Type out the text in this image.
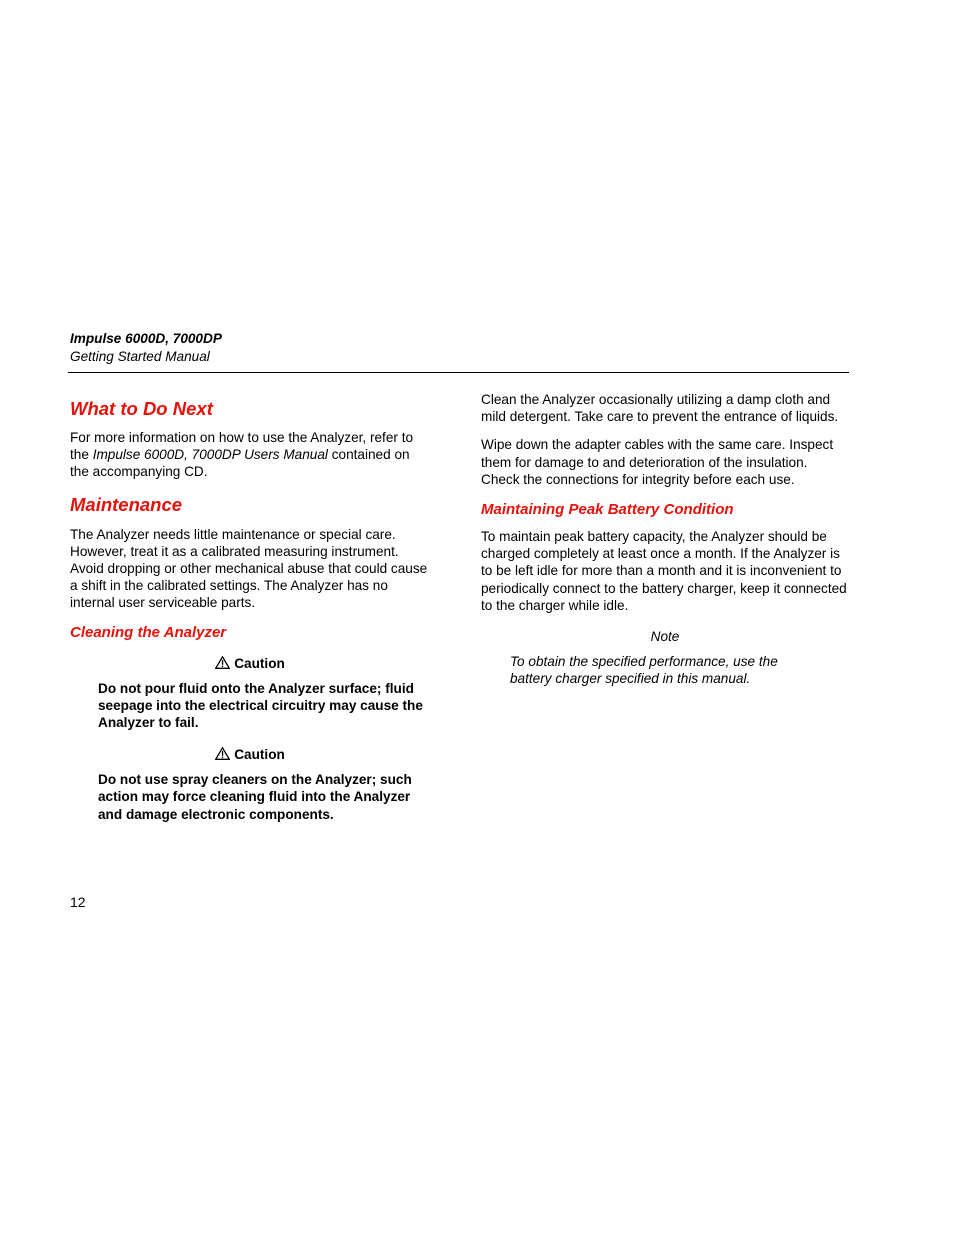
Impulse 6000D, 7000DP
Getting Started Manual
What to Do Next

For more information on how to use the Analyzer, refer to the Impulse 6000D, 7000DP Users Manual contained on the accompanying CD.

Maintenance

The Analyzer needs little maintenance or special care. However, treat it as a calibrated measuring instrument. Avoid dropping or other mechanical abuse that could cause a shift in the calibrated settings. The Analyzer has no internal user serviceable parts.

Cleaning the Analyzer
Caution

Do not pour fluid onto the Analyzer surface; fluid seepage into the electrical circuitry may cause the Analyzer to fail.

Caution

Do not use spray cleaners on the Analyzer; such action may force cleaning fluid into the Analyzer and damage electronic components.

Clean the Analyzer occasionally utilizing a damp cloth and mild detergent. Take care to prevent the entrance of liquids.

Wipe down the adapter cables with the same care. Inspect them for damage to and deterioration of the insulation. Check the connections for integrity before each use.

Maintaining Peak Battery Condition

To maintain peak battery capacity, the Analyzer should be charged completely at least once a month. If the Analyzer is to be left idle for more than a month and it is inconvenient to periodically connect to the battery charger, keep it connected to the charger while idle.

Note

To obtain the specified performance, use the battery charger specified in this manual.

12
